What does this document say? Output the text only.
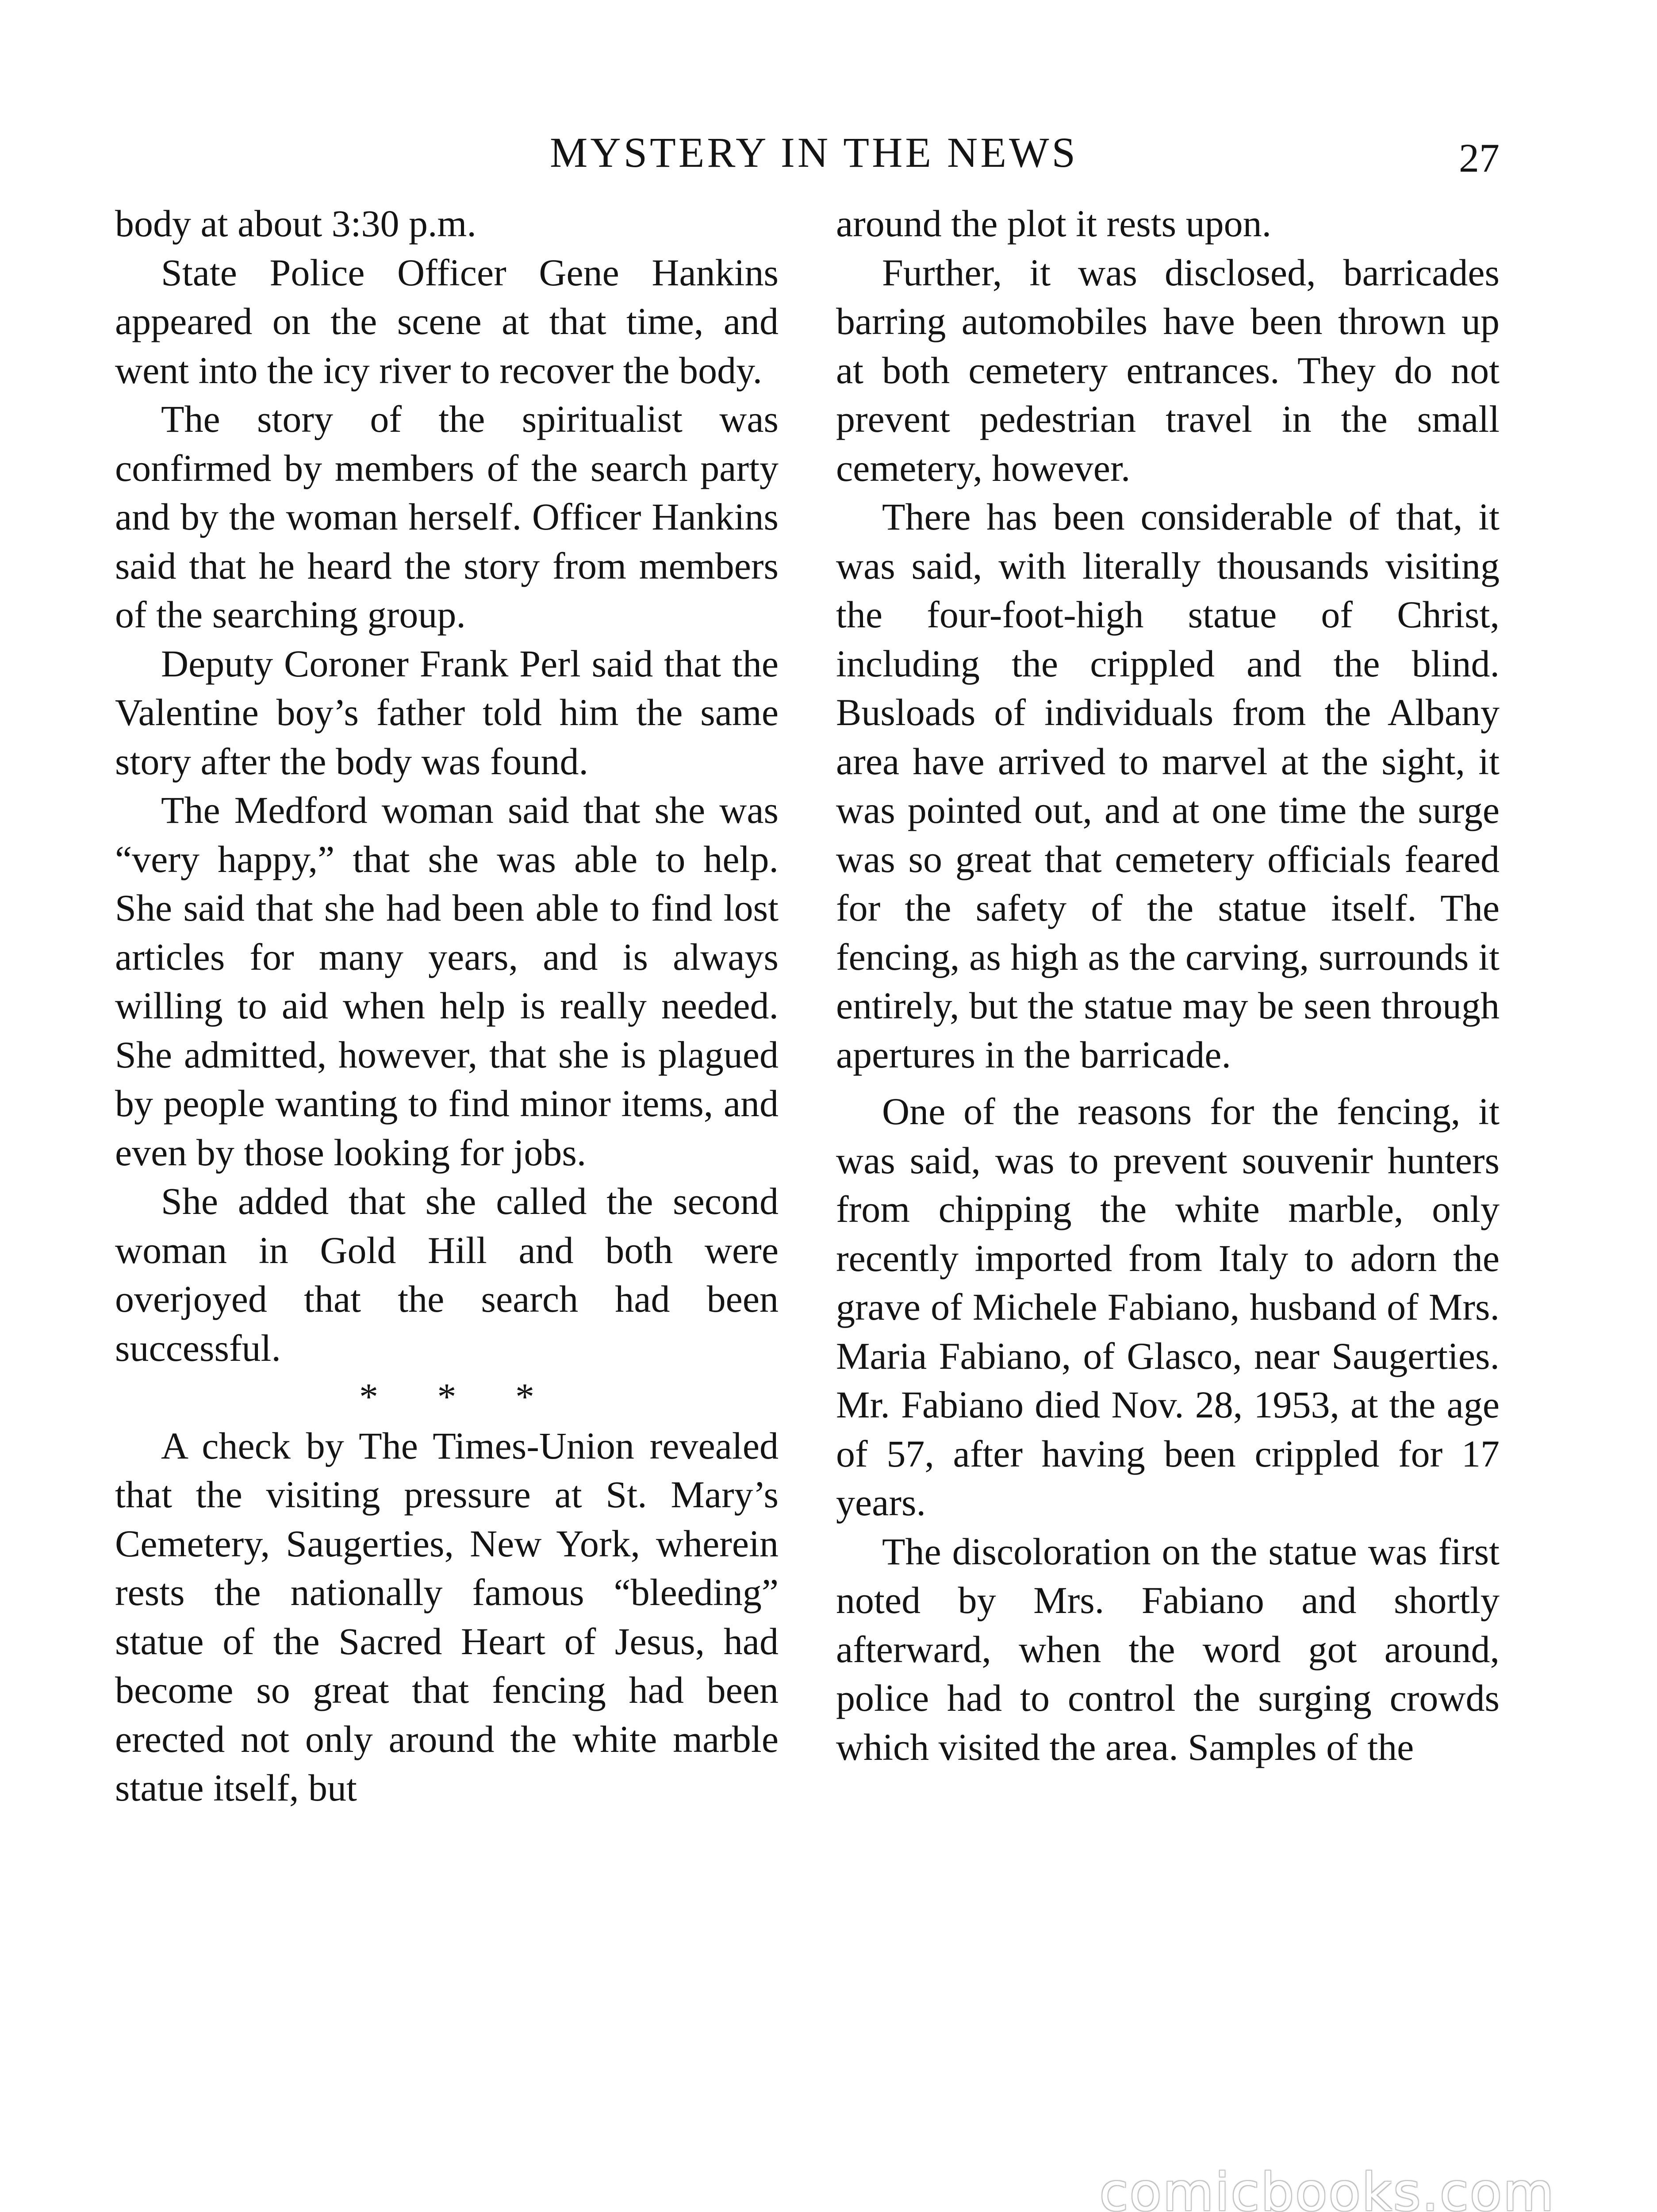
MYSTERY IN THE NEWS	27

body at about 3:30 p.m.

State Police Officer Gene Hankins appeared on the scene at that time, and went into the icy river to recover the body.

The story of the spiritualist was confirmed by members of the search party and by the woman herself. Officer Hankins said that he heard the story from members of the searching group.

Deputy Coroner Frank Perl said that the Valentine boy’s father told him the same story after the body was found.

The Medford woman said that she was “very happy,” that she was able to help. She said that she had been able to find lost articles for many years, and is always willing to aid when help is really needed. She admitted, however, that she is plagued by people wanting to find minor items, and even by those looking for jobs.

She added that she called the second woman in Gold Hill and both were overjoyed that the search had been successful.

* * *

A check by The Times-Union revealed that the visiting pressure at St. Mary’s Cemetery, Saugerties, New York, wherein rests the nationally famous “bleeding” statue of the Sacred Heart of Jesus, had become so great that fencing had been erected not only around the white marble statue itself, but

around the plot it rests upon.

Further, it was disclosed, barricades barring automobiles have been thrown up at both cemetery entrances. They do not prevent pedestrian travel in the small cemetery, however.

There has been considerable of that, it was said, with literally thousands visiting the four-foot-high statue of Christ, including the crippled and the blind. Busloads of individuals from the Albany area have arrived to marvel at the sight, it was pointed out, and at one time the surge was so great that cemetery officials feared for the safety of the statue itself. The fencing, as high as the carving, surrounds it entirely, but the statue may be seen through apertures in the barricade.

One of the reasons for the fencing, it was said, was to prevent souvenir hunters from chipping the white marble, only recently imported from Italy to adorn the grave of Michele Fabiano, husband of Mrs. Maria Fabiano, of Glasco, near Saugerties. Mr. Fabiano died Nov. 28, 1953, at the age of 57, after having been crippled for 17 years.

The discoloration on the statue was first noted by Mrs. Fabiano and shortly afterward, when the word got around, police had to control the surging crowds which visited the area. Samples of the

comicbooks.com
